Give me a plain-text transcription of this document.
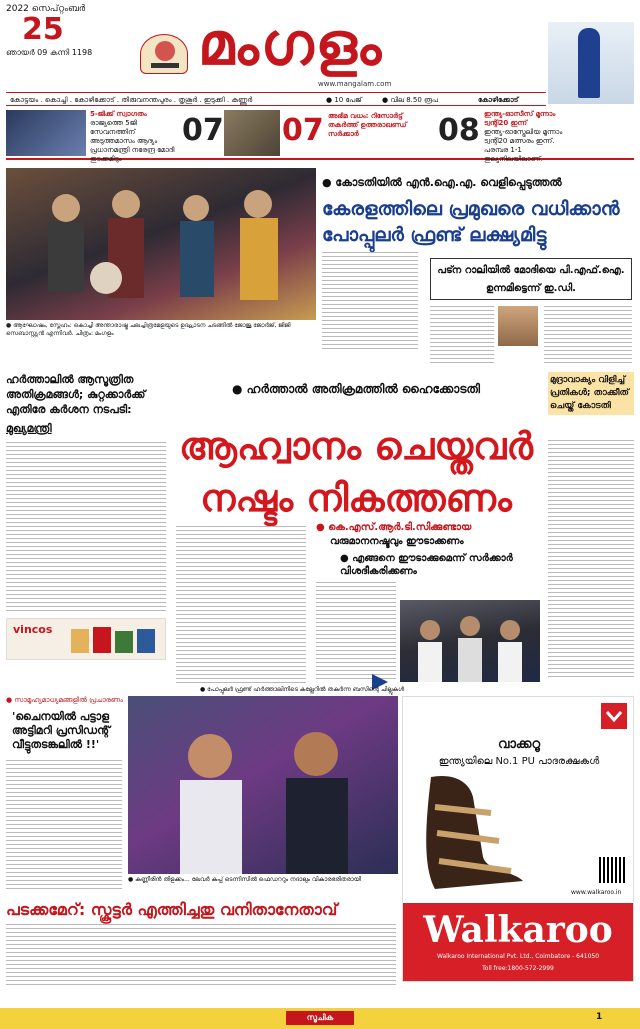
2022 സെപ്റ്റംബർ
25
ഞായർ 09 കന്നി 1198 മംഗളം
www.mangalam.com
കോട്ടയം . കൊച്ചി . കോഴിക്കോട് . തിരുവനന്തപുരം . തൃശൂർ . ഇടുക്കി . കണ്ണൂർ	● 10 പേജ്	● വില 8.50 രൂപ	കോഴിക്കോട്
5-ജിക്ക് സ്വാഗതം
രാജ്യത്തെ 5ജി സേവനത്തിന് അടുത്തമാസം ആദ്യം പ്രധാനമന്ത്രി നരേന്ദ്ര മോദി തുടക്കമിടും
07 07 അഭിമ വധം: റിസോർട്ട് തകർത്ത് ഉത്തരാഖണ്ഡ് സർക്കാർ	08 ഇന്ത്യ-ഓസീസ് മൂന്നാം ട്വന്റി20 ഇന്ന്
ഇന്ത്യ-ഓസ്ട്രേലിയ മൂന്നാം ട്വന്റി20 മത്സരം ഇന്ന്. പരമ്പര 1-1 തുല്യനിലയിലാണ്.
● ആഘോഷം, സ്നേഹം: കൊച്ചി അന്താരാഷ്ട്ര ചലച്ചിത്രമേളയുടെ ഉദ്ഘാടന ചടങ്ങിൽ ജോജു ജോർജ്, ജിജി സെബാസ്റ്റ്യൻ എന്നിവർ. ചിത്രം: മംഗളം
● കോടതിയിൽ എൻ.ഐ.എ. വെളിപ്പെടുത്തൽ
കേരളത്തിലെ പ്രമുഖരെ വധിക്കാൻ പോപ്പുലർ ഫ്രണ്ട് ലക്ഷ്യമിട്ടു
പട്ന റാലിയിൽ മോദിയെ പി.എഫ്.ഐ. ഉന്നമിട്ടെന്ന് ഇ.ഡി.
ഹർത്താലിൽ ആസൂത്രിത അതിക്രമങ്ങൾ; കുറ്റക്കാർക്ക് എതിരേ കർശന നടപടി:
മുഖ്യമന്ത്രി
vincos
● ഹർത്താൽ അതിക്രമത്തിൽ ഹൈക്കോടതി
ആഹ്വാനം ചെയ്തവർ നഷ്ടം നികത്തണം
● കെ.എസ്.ആർ.ടി.സിക്കുണ്ടായ
വരുമാനനഷ്ടവും ഈടാക്കണം
● എങ്ങനെ ഈടാക്കുമെന്ന് സർക്കാർ വിശദീകരിക്കണം
● പോപ്പുലർ ഫ്രണ്ട് ഹർത്താലിനിടെ കല്ലേറിൽ തകർന്ന ബസിന്റെ ചില്ലുകൾ
മുദ്രാവാക്യം വിളിച്ച് പ്രതികൾ; താക്കീത് ചെയ്ത് കോടതി
● സാമൂഹ്യമാധ്യമങ്ങളിൽ പ്രചാരണം
'ചൈനയിൽ പട്ടാള അട്ടിമറി പ്രസിഡന്റ് വീട്ടുതടങ്കലിൽ !!'
● കണ്ണീരിൻ തിളക്കം... ലേവർ കപ്പ് ടെന്നിസിൽ ഫെഡററും നദാലും വികാരഭരിതരായി
പടക്കമേറ്: സ്കൂട്ടർ എത്തിച്ചതു വനിതാനേതാവ്
വാക്കറൂ
ഇന്ത്യയിലെ No.1 PU പാദരക്ഷകൾ
Walkaroo
Walkaroo International Pvt. Ltd., Coimbatore - 641050
Toll free:1800-572-2999
www.walkaroo.in
സൂചിക	1
